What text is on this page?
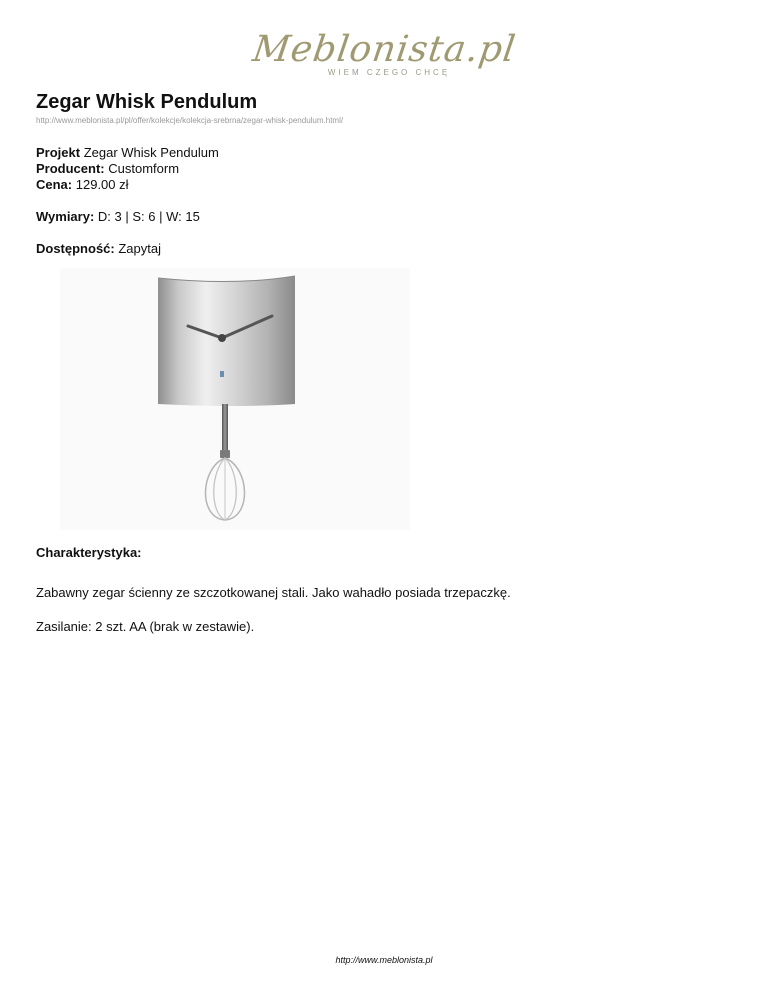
Meblonista.pl
WIEM CZEGO CHCĘ
Zegar Whisk Pendulum
http://www.meblonista.pl/pl/offer/kolekcje/kolekcja-srebrna/zegar-whisk-pendulum.html/
Projekt Zegar Whisk Pendulum
Producent: Customform
Cena: 129.00 zł
Wymiary: D: 3 | S: 6 | W: 15
Dostępność: Zapytaj
Charakterystyka:
Zabawny zegar ścienny ze szczotkowanej stali. Jako wahadło posiada trzepaczkę.
Zasilanie: 2 szt. AA (brak w zestawie).
http://www.meblonista.pl
